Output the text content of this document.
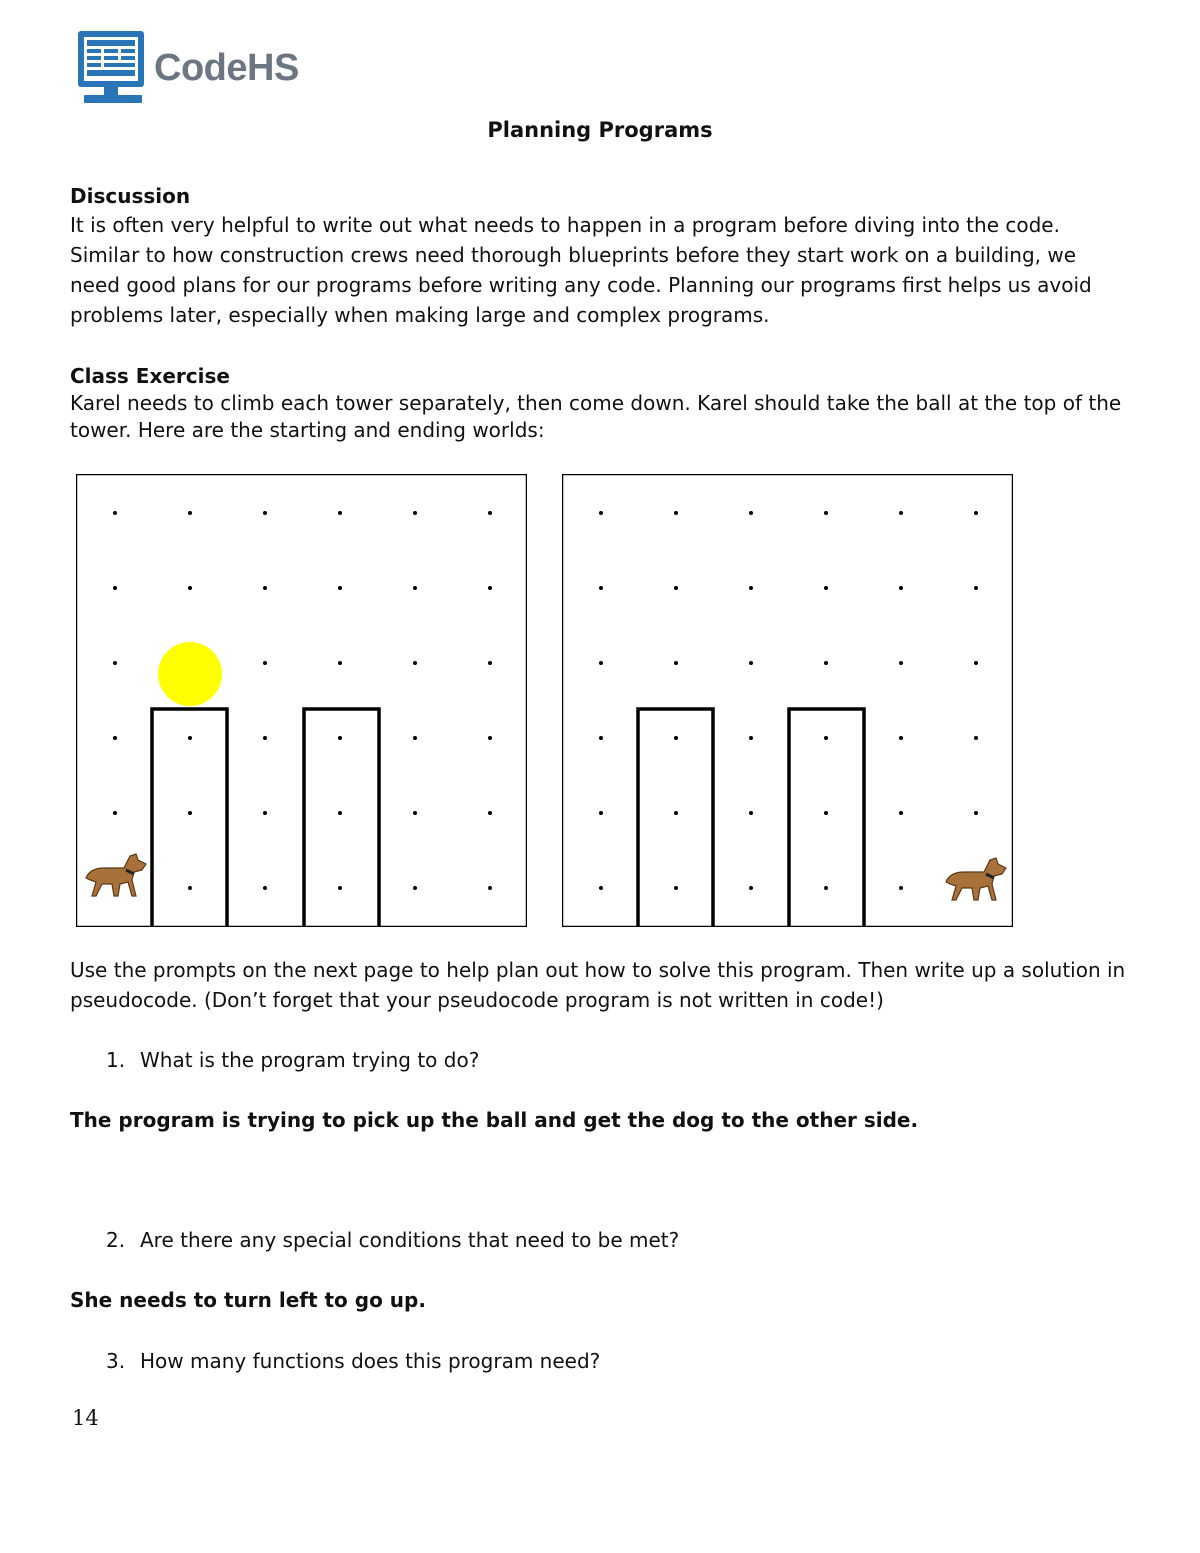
CodeHS
Planning Programs
Discussion
It is often very helpful to write out what needs to happen in a program before diving into the code. Similar to how construction crews need thorough blueprints before they start work on a building, we need good plans for our programs before writing any code. Planning our programs first helps us avoid problems later, especially when making large and complex programs.
Class Exercise
Karel needs to climb each tower separately, then come down. Karel should take the ball at the top of the tower. Here are the starting and ending worlds:
Use the prompts on the next page to help plan out how to solve this program. Then write up a solution in pseudocode. (Don’t forget that your pseudocode program is not written in code!)
1. What is the program trying to do?
The program is trying to pick up the ball and get the dog to the other side.
2. Are there any special conditions that need to be met?
She needs to turn left to go up.
3. How many functions does this program need?
14
